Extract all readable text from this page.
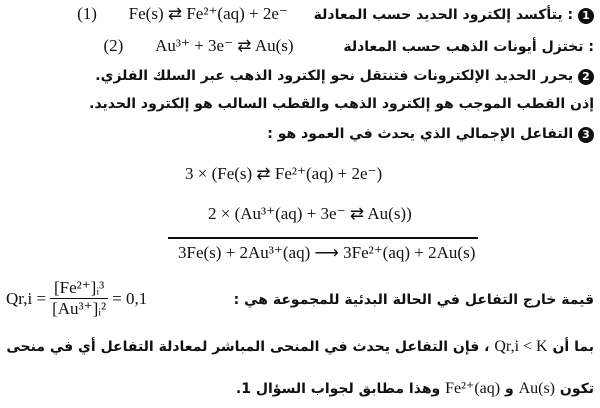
(1) Fe(s) ⇄ Fe²⁺(aq) + 2e⁻ يتأكسد إلكترود الحديد حسب المعادلة : 1
(2) Au³⁺ + 3e⁻ ⇄ Au(s)	تختزل أيونات الذهب حسب المعادلة :
2 يحرر الحديد الإلكترونات فتنتقل نحو إلكترود الذهب عبر السلك الفلزي.
إذن القطب الموجب هو إلكترود الذهب والقطب السالب هو إلكترود الحديد.
3 التفاعل الإجمالي الذي يحدث في العمود هو :
3 × (Fe(s) ⇄ Fe²⁺(aq) + 2e⁻)
2 × (Au³⁺(aq) + 3e⁻ ⇄ Au(s))
3Fe(s) + 2Au³⁺(aq) ⟶ 3Fe²⁺(aq) + 2Au(s)
$Qr,i = \frac{\text{[Fe²⁺]ᵢ³}}{\text{[Au³⁺]ᵢ²}} = 0,1$	قيمة خارج التفاعل في الحالة البدئية للمجموعة هي :
بما أن Qr,i < K ، فإن التفاعل يحدث في المنحى المباشر لمعادلة التفاعل أي في منحى
تكون Au(s) و Fe²⁺(aq) وهذا مطابق لجواب السؤال 1.
